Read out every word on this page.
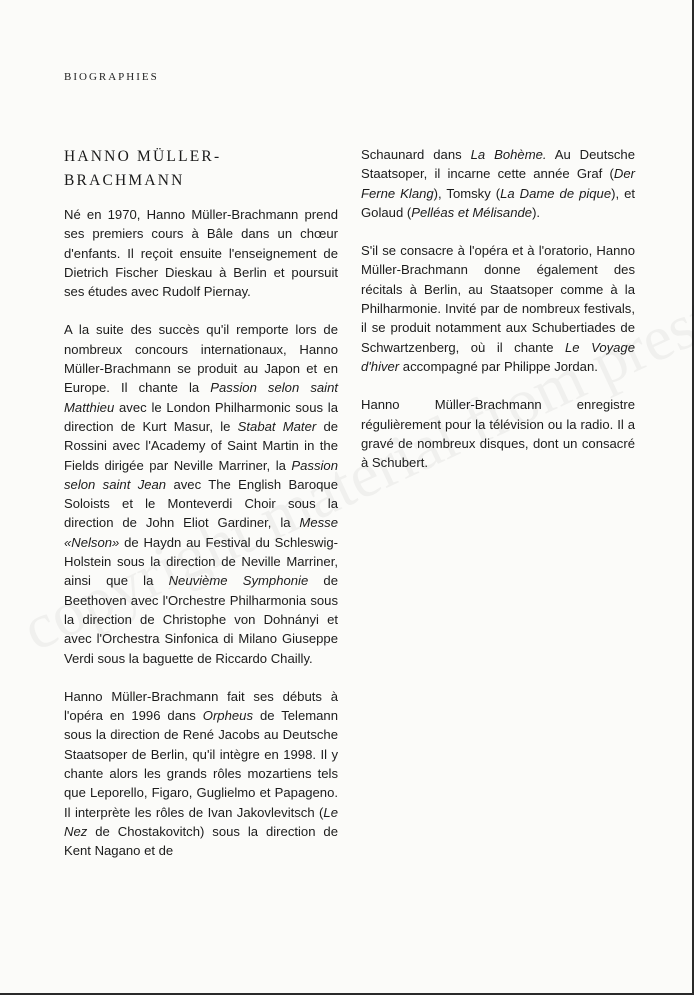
BIOGRAPHIES
HANNO MÜLLER-
BRACHMANN

Né en 1970, Hanno Müller-Brachmann prend ses premiers cours à Bâle dans un chœur d'enfants. Il reçoit ensuite l'enseignement de Dietrich Fischer Dieskau à Berlin et poursuit ses études avec Rudolf Piernay.

A la suite des succès qu'il remporte lors de nombreux concours internationaux, Hanno Müller-Brachmann se produit au Japon et en Europe. Il chante la Passion selon saint Matthieu avec le London Philharmonic sous la direction de Kurt Masur, le Stabat Mater de Rossini avec l'Academy of Saint Martin in the Fields dirigée par Neville Marriner, la Passion selon saint Jean avec The English Baroque Soloists et le Monteverdi Choir sous la direction de John Eliot Gardiner, la Messe «Nelson» de Haydn au Festival du Schleswig-Holstein sous la direction de Neville Marriner, ainsi que la Neuvième Symphonie de Beethoven avec l'Orchestre Philharmonia sous la direction de Christophe von Dohnányi et avec l'Orchestra Sinfonica di Milano Giuseppe Verdi sous la baguette de Riccardo Chailly.

Hanno Müller-Brachmann fait ses débuts à l'opéra en 1996 dans Orpheus de Telemann sous la direction de René Jacobs au Deutsche Staatsoper de Berlin, qu'il intègre en 1998. Il y chante alors les grands rôles mozartiens tels que Leporello, Figaro, Guglielmo et Papageno. Il interprète les rôles de Ivan Jakovlevitsch (Le Nez de Chostakovitch) sous la direction de Kent Nagano et de

Schaunard dans La Bohème. Au Deutsche Staatsoper, il incarne cette année Graf (Der Ferne Klang), Tomsky (La Dame de pique), et Golaud (Pelléas et Mélisande).

S'il se consacre à l'opéra et à l'oratorio, Hanno Müller-Brachmann donne également des récitals à Berlin, au Staatsoper comme à la Philharmonie. Invité par de nombreux festivals, il se produit notamment aux Schubertiades de Schwartzenberg, où il chante Le Voyage d'hiver accompagné par Philippe Jordan.

Hanno Müller-Brachmann enregistre régulièrement pour la télévision ou la radio. Il a gravé de nombreux disques, dont un consacré à Schubert.
